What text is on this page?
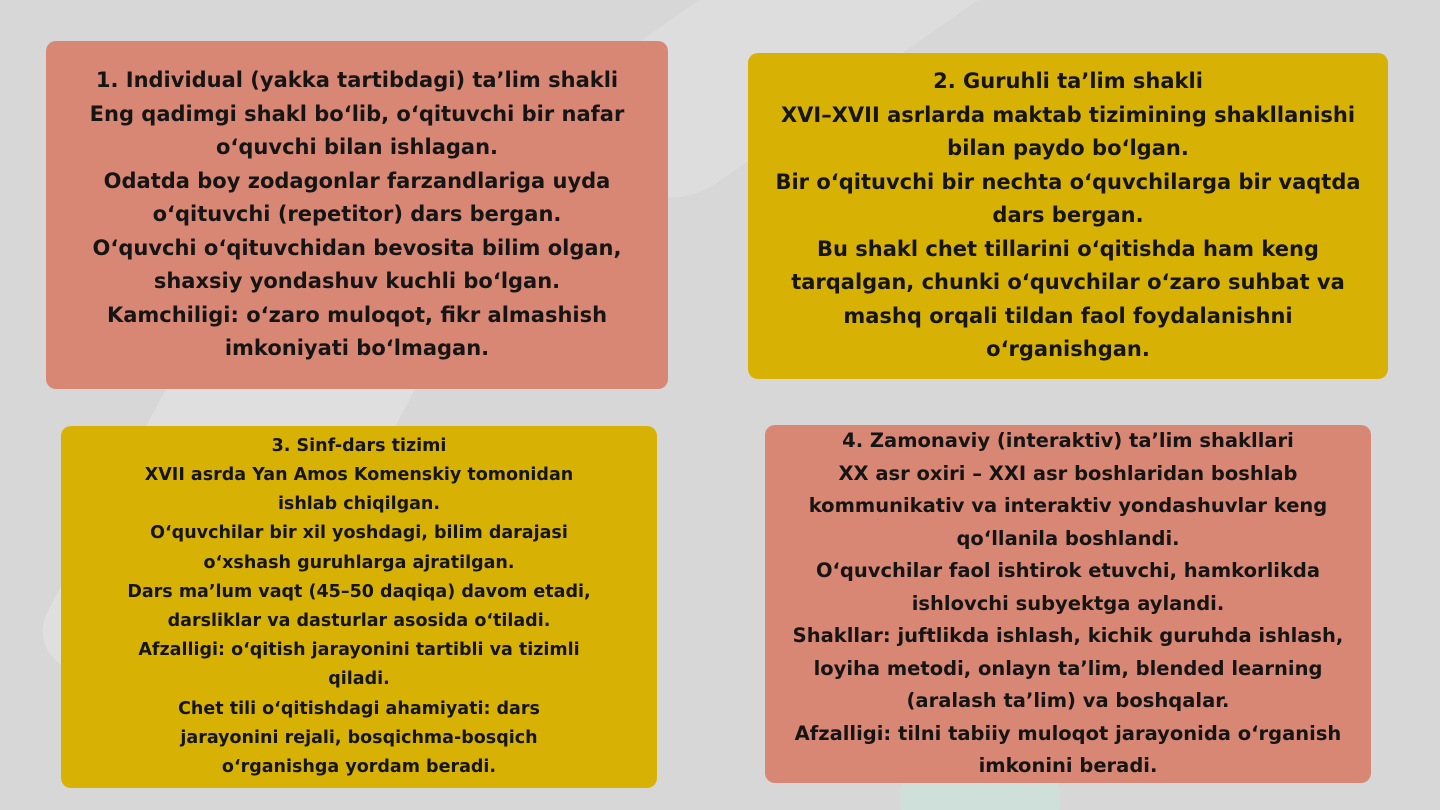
1. Individual (yakka tartibdagi) ta’lim shakli

Eng qadimgi shakl bo‘lib, o‘qituvchi bir nafar

o‘quvchi bilan ishlagan.

Odatda boy zodagonlar farzandlariga uyda

o‘qituvchi (repetitor) dars bergan.

O‘quvchi o‘qituvchidan bevosita bilim olgan,

shaxsiy yondashuv kuchli bo‘lgan.

Kamchiligi: o‘zaro muloqot, fikr almashish

imkoniyati bo‘lmagan.

2. Guruhli ta’lim shakli

XVI–XVII asrlarda maktab tizimining shakllanishi

bilan paydo bo‘lgan.

Bir o‘qituvchi bir nechta o‘quvchilarga bir vaqtda

dars bergan.

Bu shakl chet tillarini o‘qitishda ham keng

tarqalgan, chunki o‘quvchilar o‘zaro suhbat va

mashq orqali tildan faol foydalanishni

o‘rganishgan.

3. Sinf-dars tizimi

XVII asrda Yan Amos Komenskiy tomonidan

ishlab chiqilgan.

O‘quvchilar bir xil yoshdagi, bilim darajasi

o‘xshash guruhlarga ajratilgan.

Dars ma’lum vaqt (45–50 daqiqa) davom etadi,

darsliklar va dasturlar asosida o‘tiladi.

Afzalligi: o‘qitish jarayonini tartibli va tizimli

qiladi.

Chet tili o‘qitishdagi ahamiyati: dars

jarayonini rejali, bosqichma-bosqich

o‘rganishga yordam beradi.

4. Zamonaviy (interaktiv) ta’lim shakllari

XX asr oxiri – XXI asr boshlaridan boshlab

kommunikativ va interaktiv yondashuvlar keng

qo‘llanila boshlandi.

O‘quvchilar faol ishtirok etuvchi, hamkorlikda

ishlovchi subyektga aylandi.

Shakllar: juftlikda ishlash, kichik guruhda ishlash,

loyiha metodi, onlayn ta’lim, blended learning

(aralash ta’lim) va boshqalar.

Afzalligi: tilni tabiiy muloqot jarayonida o‘rganish

imkonini beradi.
